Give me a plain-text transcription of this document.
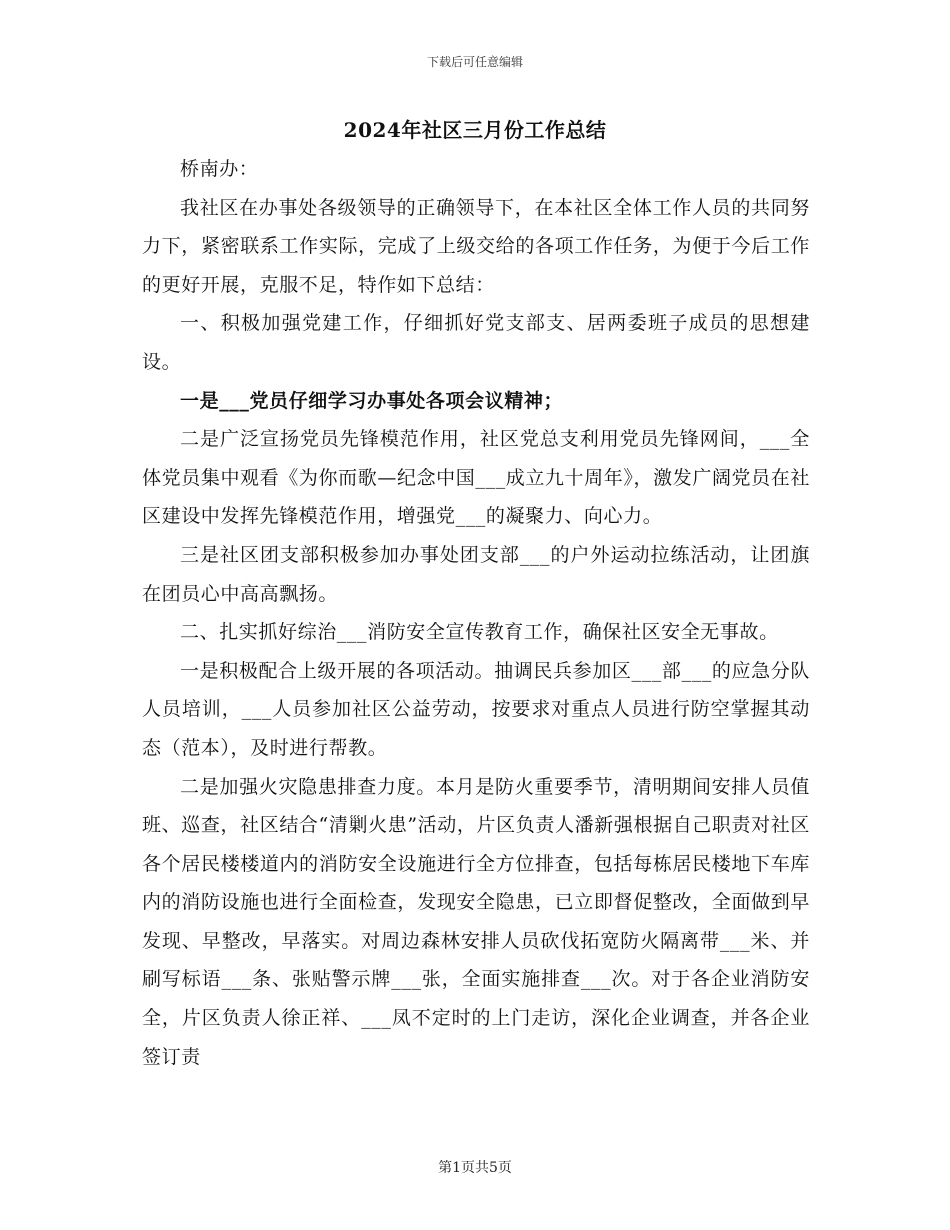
下载后可任意编辑
2024年社区三月份工作总结

桥南办：

我社区在办事处各级领导的正确领导下，在本社区全体工作人员的共同努力下，紧密联系工作实际，完成了上级交给的各项工作任务，为便于今后工作的更好开展，克服不足，特作如下总结：

一、积极加强党建工作，仔细抓好党支部支、居两委班子成员的思想建设。

一是___党员仔细学习办事处各项会议精神；

二是广泛宣扬党员先锋模范作用，社区党总支利用党员先锋网间，___全体党员集中观看《为你而歌—纪念中国___成立九十周年》，激发广阔党员在社区建设中发挥先锋模范作用，增强党___的凝聚力、向心力。

三是社区团支部积极参加办事处团支部___的户外运动拉练活动，让团旗在团员心中高高飘扬。

二、扎实抓好综治___消防安全宣传教育工作，确保社区安全无事故。

一是积极配合上级开展的各项活动。抽调民兵参加区___部___的应急分队人员培训，___人员参加社区公益劳动，按要求对重点人员进行防空掌握其动态（范本），及时进行帮教。

二是加强火灾隐患排查力度。本月是防火重要季节，清明期间安排人员值班、巡查，社区结合“清剿火患”活动，片区负责人潘新强根据自己职责对社区各个居民楼楼道内的消防安全设施进行全方位排查，包括每栋居民楼地下车库内的消防设施也进行全面检查，发现安全隐患，已立即督促整改，全面做到早发现、早整改，早落实。对周边森林安排人员砍伐拓宽防火隔离带___米、并刷写标语___条、张贴警示牌___张，全面实施排查___次。对于各企业消防安全，片区负责人徐正祥、___凤不定时的上门走访，深化企业调查，并各企业签订责

第1页共5页
